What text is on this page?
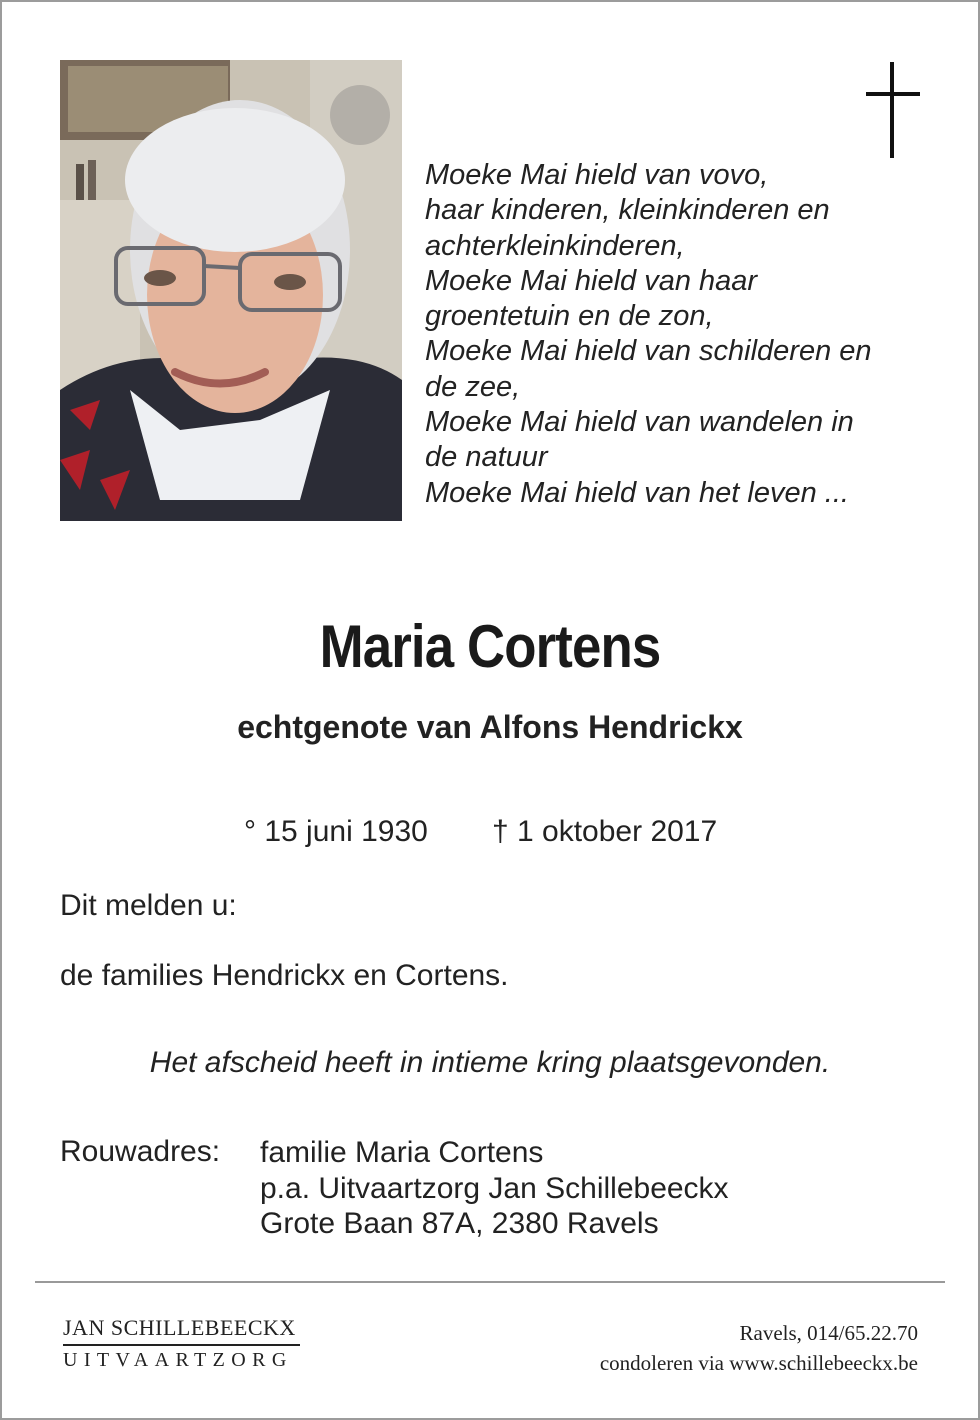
Moeke Mai hield van vovo,
haar kinderen, kleinkinderen en
achterkleinkinderen,
Moeke Mai hield van haar
groentetuin en de zon,
Moeke Mai hield van schilderen en
de zee,
Moeke Mai hield van wandelen in
de natuur
Moeke Mai hield van het leven ...
Maria Cortens
echtgenote van Alfons Hendrickx
° 15 juni 1930 † 1 oktober 2017
Dit melden u:
de families Hendrickx en Cortens.
Het afscheid heeft in intieme kring plaatsgevonden.
Rouwadres: familie Maria Cortens
p.a. Uitvaartzorg Jan Schillebeeckx
Grote Baan 87A, 2380 Ravels
JAN SCHILLEBEECKX
UITVAARTZORG
Ravels, 014/65.22.70
condoleren via www.schillebeeckx.be
